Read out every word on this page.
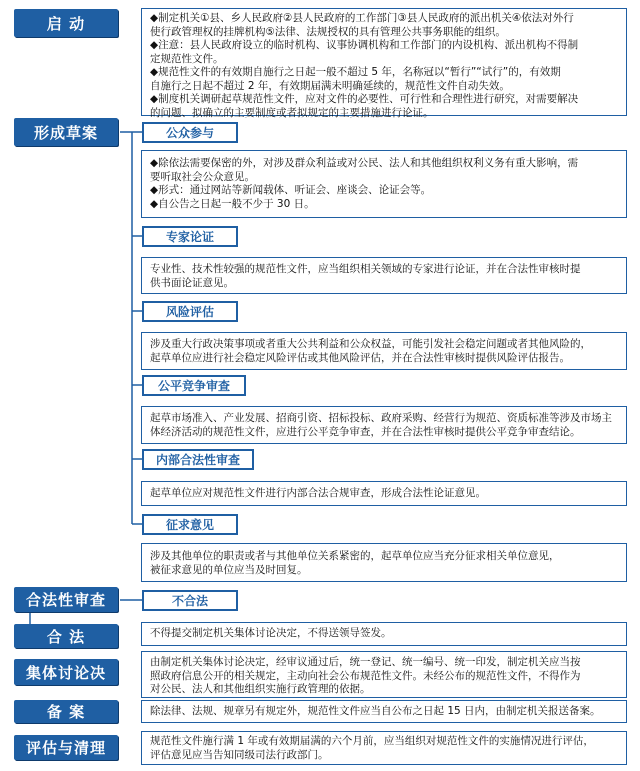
启 动
形成草案
合法性审查
合 法
集体讨论决
备 案
评估与清理
公众参与
专家论证
风险评估
公平竞争审查
内部合法性审查
征求意见
不合法
◆制定机关①县、乡人民政府②县人民政府的工作部门③县人民政府的派出机关④依法对外行
使行政管理权的挂牌机构⑤法律、法规授权的具有管理公共事务职能的组织。
◆注意：县人民政府设立的临时机构、议事协调机构和工作部门的内设机构、派出机构不得制
定规范性文件。
◆规范性文件的有效期自施行之日起一般不超过 5 年，名称冠以“暂行”“试行”的，有效期
自施行之日起不超过 2 年，有效期届满未明确延续的，规范性文件自动失效。
◆制度机关调研起草规范性文件，应对文件的必要性、可行性和合理性进行研究，对需要解决
的问题、拟确立的主要制度或者拟规定的主要措施进行论证。
◆除依法需要保密的外，对涉及群众利益或对公民、法人和其他组织权利义务有重大影响，需
要听取社会公众意见。
◆形式：通过网站等新闻载体、听证会、座谈会、论证会等。
◆自公告之日起一般不少于 30 日。
专业性、技术性较强的规范性文件，应当组织相关领域的专家进行论证，并在合法性审核时提
供书面论证意见。
涉及重大行政决策事项或者重大公共利益和公众权益，可能引发社会稳定问题或者其他风险的，
起草单位应进行社会稳定风险评估或其他风险评估，并在合法性审核时提供风险评估报告。
起草市场准入、产业发展、招商引资、招标投标、政府采购、经营行为规范、资质标准等涉及市场主
体经济活动的规范性文件，应进行公平竞争审查，并在合法性审核时提供公平竞争审查结论。
起草单位应对规范性文件进行内部合法合规审查，形成合法性论证意见。
涉及其他单位的职责或者与其他单位关系紧密的，起草单位应当充分征求相关单位意见，
被征求意见的单位应当及时回复。
不得提交制定机关集体讨论决定，不得送领导签发。
由制定机关集体讨论决定，经审议通过后，统一登记、统一编号、统一印发，制定机关应当按
照政府信息公开的相关规定，主动向社会公布规范性文件。未经公布的规范性文件，不得作为
对公民、法人和其他组织实施行政管理的依据。
除法律、法规、规章另有规定外，规范性文件应当自公布之日起 15 日内，由制定机关报送备案。
规范性文件施行满 1 年或有效期届满的六个月前，应当组织对规范性文件的实施情况进行评估，
评估意见应当告知同级司法行政部门。
